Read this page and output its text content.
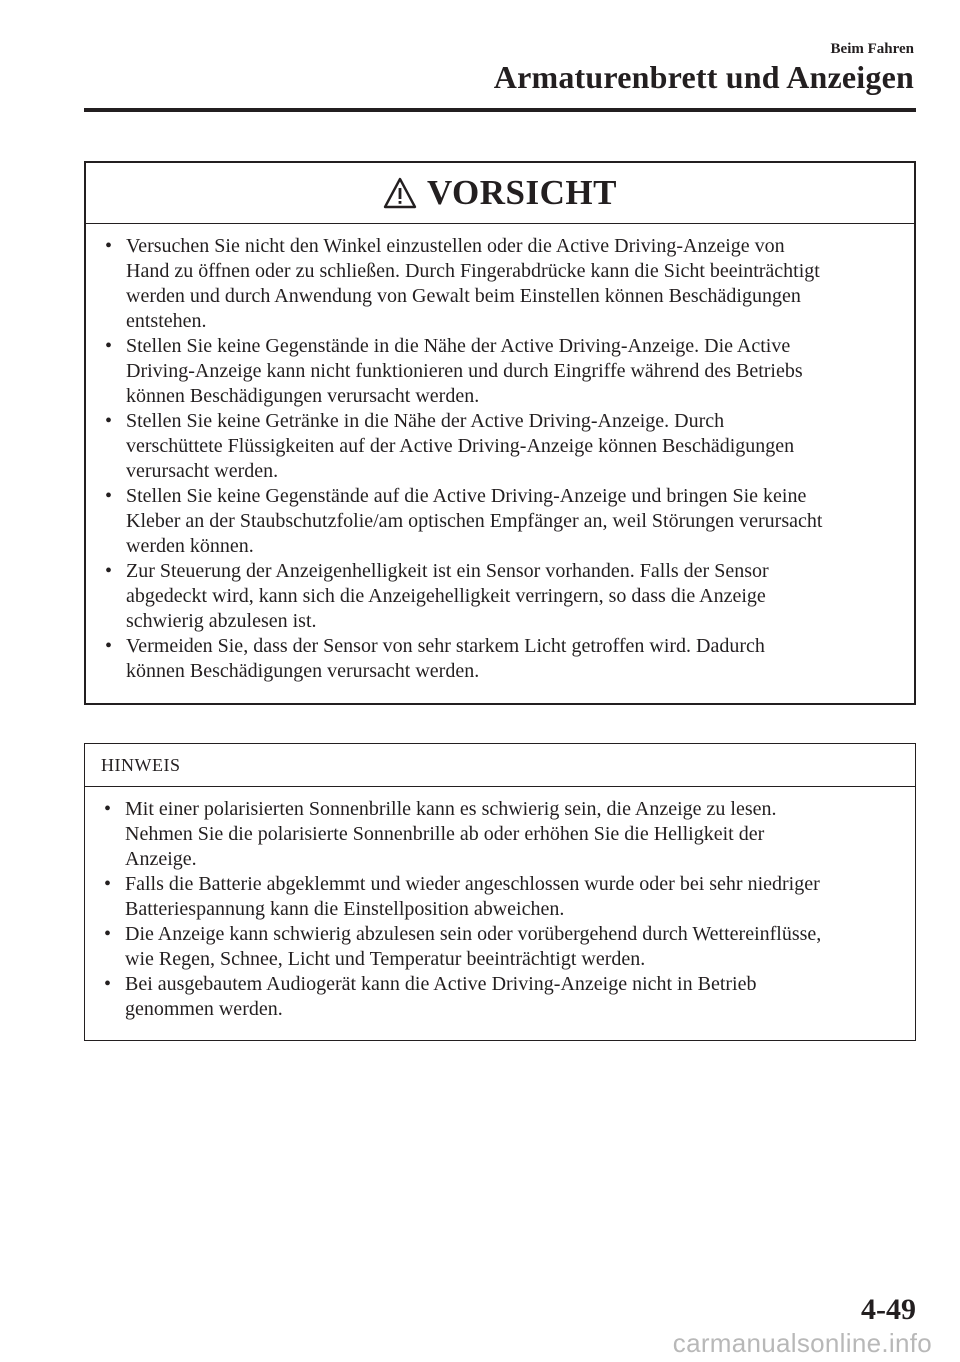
Beim Fahren
Armaturenbrett und Anzeigen
VORSICHT
• Versuchen Sie nicht den Winkel einzustellen oder die Active Driving-Anzeige von
Hand zu öffnen oder zu schließen. Durch Fingerabdrücke kann die Sicht beeinträchtigt
werden und durch Anwendung von Gewalt beim Einstellen können Beschädigungen
entstehen.
• Stellen Sie keine Gegenstände in die Nähe der Active Driving-Anzeige. Die Active
Driving-Anzeige kann nicht funktionieren und durch Eingriffe während des Betriebs
können Beschädigungen verursacht werden.
• Stellen Sie keine Getränke in die Nähe der Active Driving-Anzeige. Durch
verschüttete Flüssigkeiten auf der Active Driving-Anzeige können Beschädigungen
verursacht werden.
• Stellen Sie keine Gegenstände auf die Active Driving-Anzeige und bringen Sie keine
Kleber an der Staubschutzfolie/am optischen Empfänger an, weil Störungen verursacht
werden können.
• Zur Steuerung der Anzeigenhelligkeit ist ein Sensor vorhanden. Falls der Sensor
abgedeckt wird, kann sich die Anzeigehelligkeit verringern, so dass die Anzeige
schwierig abzulesen ist.
• Vermeiden Sie, dass der Sensor von sehr starkem Licht getroffen wird. Dadurch
können Beschädigungen verursacht werden.
HINWEIS
• Mit einer polarisierten Sonnenbrille kann es schwierig sein, die Anzeige zu lesen.
Nehmen Sie die polarisierte Sonnenbrille ab oder erhöhen Sie die Helligkeit der
Anzeige.
• Falls die Batterie abgeklemmt und wieder angeschlossen wurde oder bei sehr niedriger
Batteriespannung kann die Einstellposition abweichen.
• Die Anzeige kann schwierig abzulesen sein oder vorübergehend durch Wettereinflüsse,
wie Regen, Schnee, Licht und Temperatur beeinträchtigt werden.
• Bei ausgebautem Audiogerät kann die Active Driving-Anzeige nicht in Betrieb
genommen werden.
4-49
carmanualsonline.info
